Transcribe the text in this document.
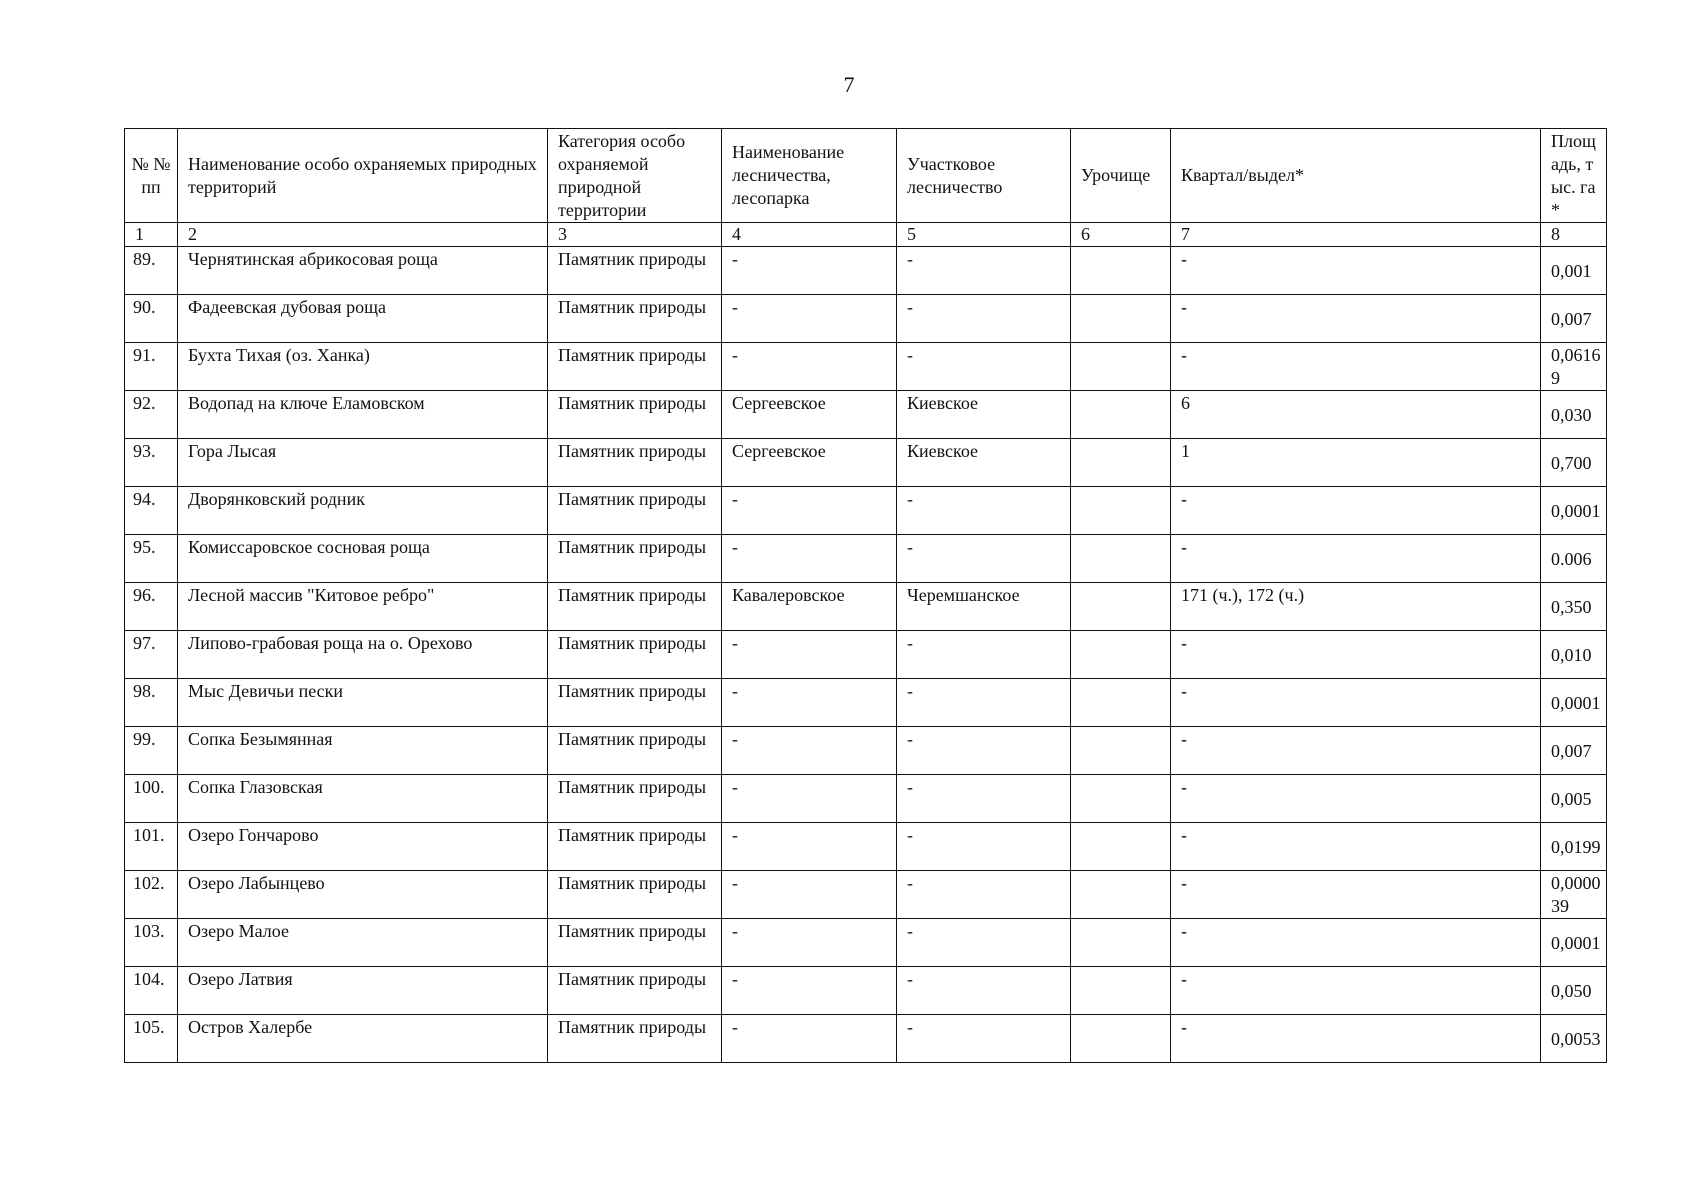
7
№ № пп	Наименование особо охраняемых природных территорий	Категория особо охраняемой природной территории	Наименование лесничества, лесопарка	Участковое лесничество	Урочище	Квартал/выдел*	Площадь, тыс. га*
1	2	3	4	5	6	7	8
89.	Чернятинская абрикосовая роща	Памятник природы	-	-		-	0,001
90.	Фадеевская дубовая роща	Памятник природы	-	-		-	0,007
91.	Бухта Тихая (оз. Ханка)	Памятник природы	-	-		-	0,06169
92.	Водопад на ключе Еламовском	Памятник природы	Сергеевское	Киевское		6	0,030
93.	Гора Лысая	Памятник природы	Сергеевское	Киевское		1	0,700
94.	Дворянковский родник	Памятник природы	-	-		-	0,0001
95.	Комиссаровское сосновая роща	Памятник природы	-	-		-	0.006
96.	Лесной массив "Китовое ребро"	Памятник природы	Кавалеровское	Черемшанское		171 (ч.), 172 (ч.)	0,350
97.	Липово-грабовая роща на о. Орехово	Памятник природы	-	-		-	0,010
98.	Мыс Девичьи пески	Памятник природы	-	-		-	0,0001
99.	Сопка Безымянная	Памятник природы	-	-		-	0,007
100.	Сопка Глазовская	Памятник природы	-	-		-	0,005
101.	Озеро Гончарово	Памятник природы	-	-		-	0,0199
102.	Озеро Лабынцево	Памятник природы	-	-		-	0,000039
103.	Озеро Малое	Памятник природы	-	-		-	0,0001
104.	Озеро Латвия	Памятник природы	-	-		-	0,050
105.	Остров Халербе	Памятник природы	-	-		-	0,0053
